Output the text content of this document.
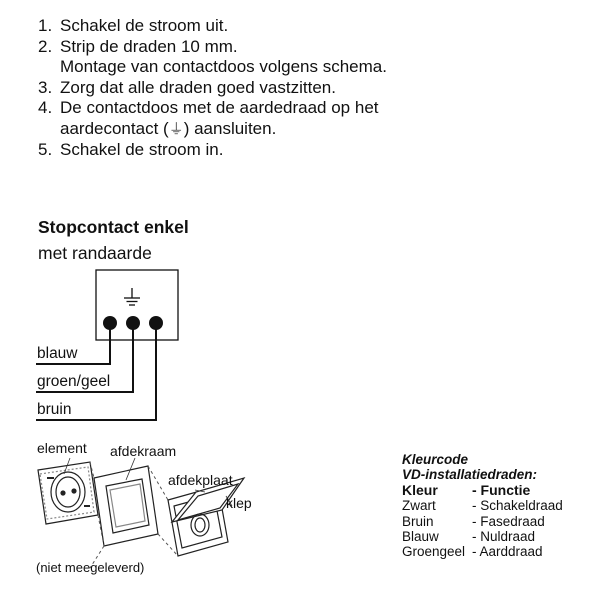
1. Schakel de stroom uit.
2. Strip de draden 10 mm.
Montage van contactdoos volgens schema.
3. Zorg dat alle draden goed vastzitten.
4. De contactdoos met de aardedraad op het
aardecontact (⏚) aansluiten.
5. Schakel de stroom in.
Stopcontact enkel
met randaarde
blauw
groen/geel
bruin
element afdekraam
afdekplaat
klep
(niet meegeleverd)
Kleurcode
VD-installatiedraden:
Kleur	- Functie
Zwart	- Schakeldraad
Bruin	- Fasedraad
Blauw	- Nuldraad
Groengeel	- Aarddraad
